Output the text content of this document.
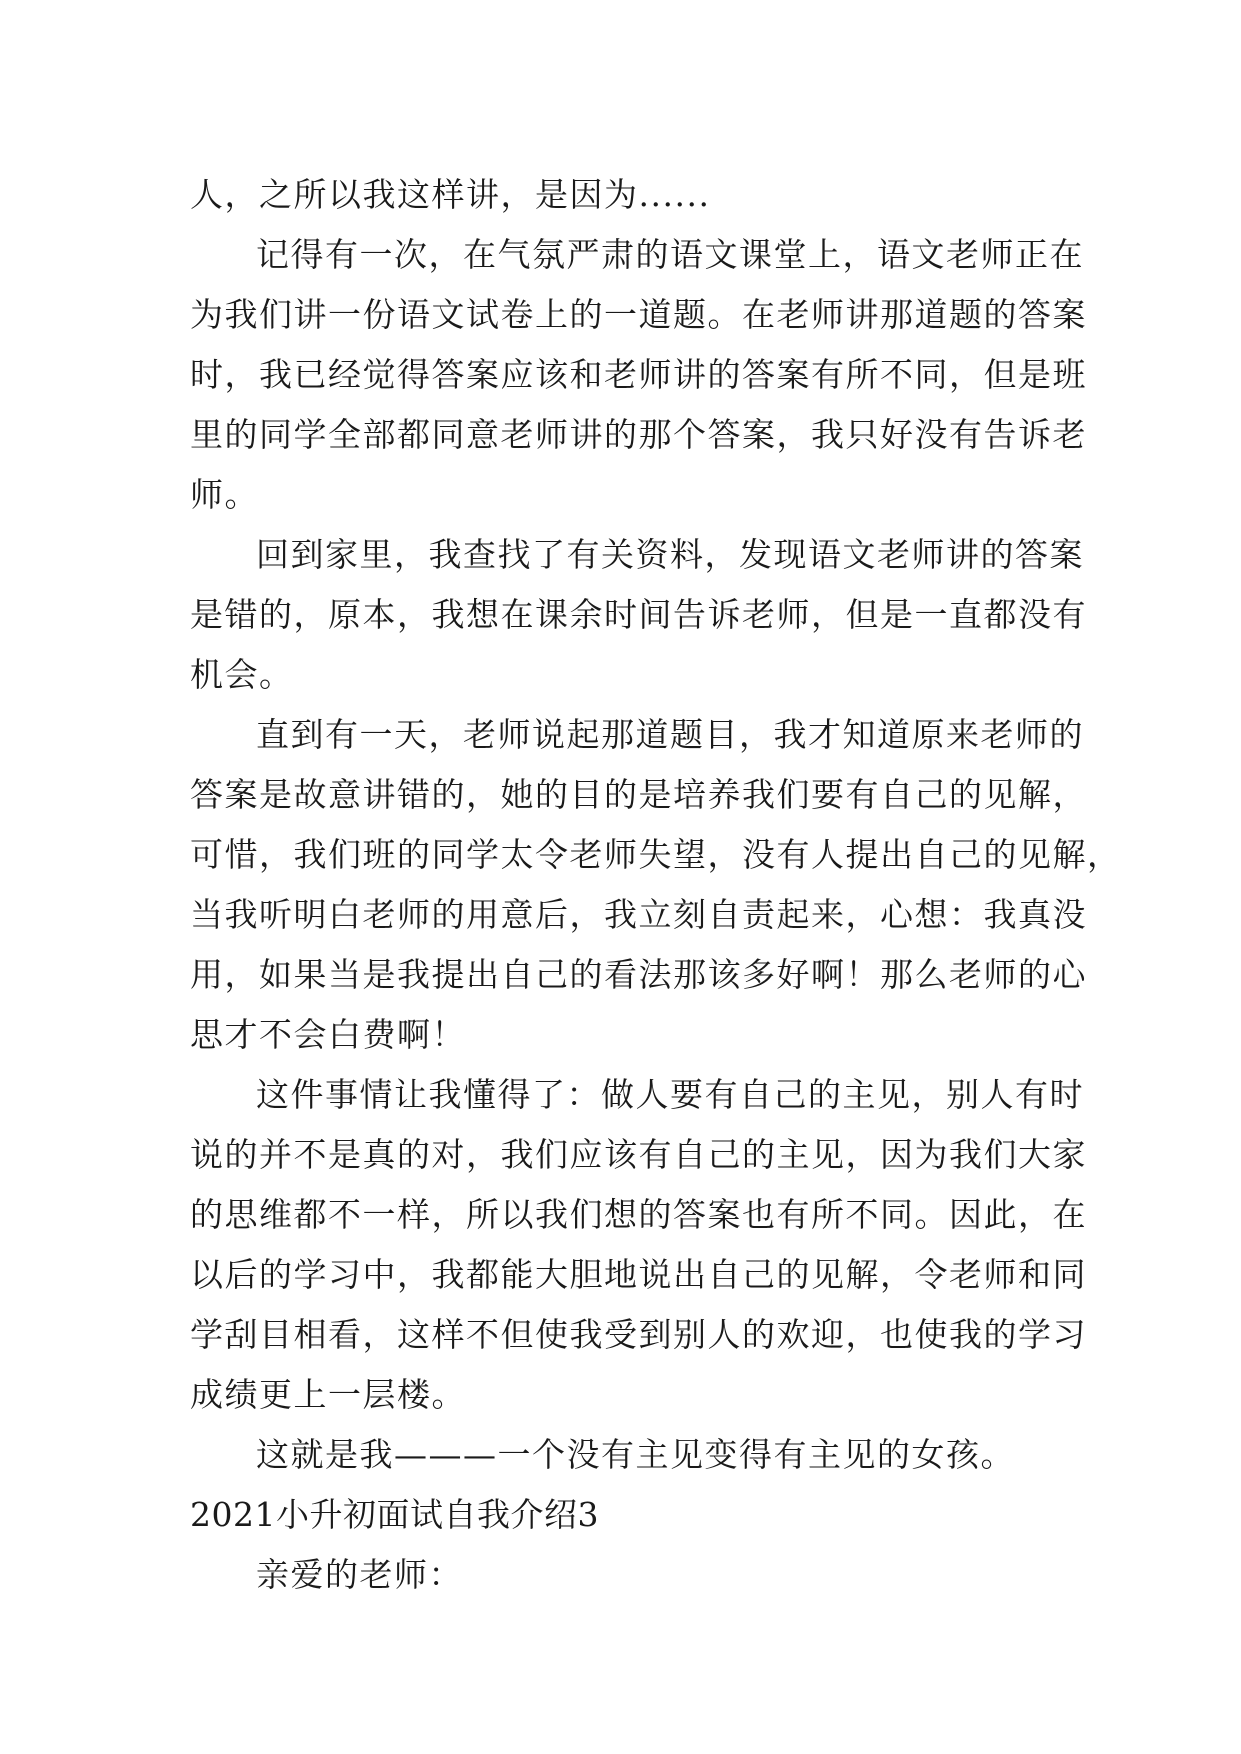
人，之所以我这样讲，是因为......
记得有一次，在气氛严肃的语文课堂上，语文老师正在
为我们讲一份语文试卷上的一道题。在老师讲那道题的答案
时，我已经觉得答案应该和老师讲的答案有所不同，但是班
里的同学全部都同意老师讲的那个答案，我只好没有告诉老
师。
回到家里，我查找了有关资料，发现语文老师讲的答案
是错的，原本，我想在课余时间告诉老师，但是一直都没有
机会。
直到有一天，老师说起那道题目，我才知道原来老师的
答案是故意讲错的，她的目的是培养我们要有自己的见解，
可惜，我们班的同学太令老师失望，没有人提出自己的见解，
当我听明白老师的用意后，我立刻自责起来，心想：我真没
用，如果当是我提出自己的看法那该多好啊！那么老师的心
思才不会白费啊！
这件事情让我懂得了：做人要有自己的主见，别人有时
说的并不是真的对，我们应该有自己的主见，因为我们大家
的思维都不一样，所以我们想的答案也有所不同。因此，在
以后的学习中，我都能大胆地说出自己的见解，令老师和同
学刮目相看，这样不但使我受到别人的欢迎，也使我的学习
成绩更上一层楼。
这就是我———一个没有主见变得有主见的女孩。
2021小升初面试自我介绍3
亲爱的老师：
